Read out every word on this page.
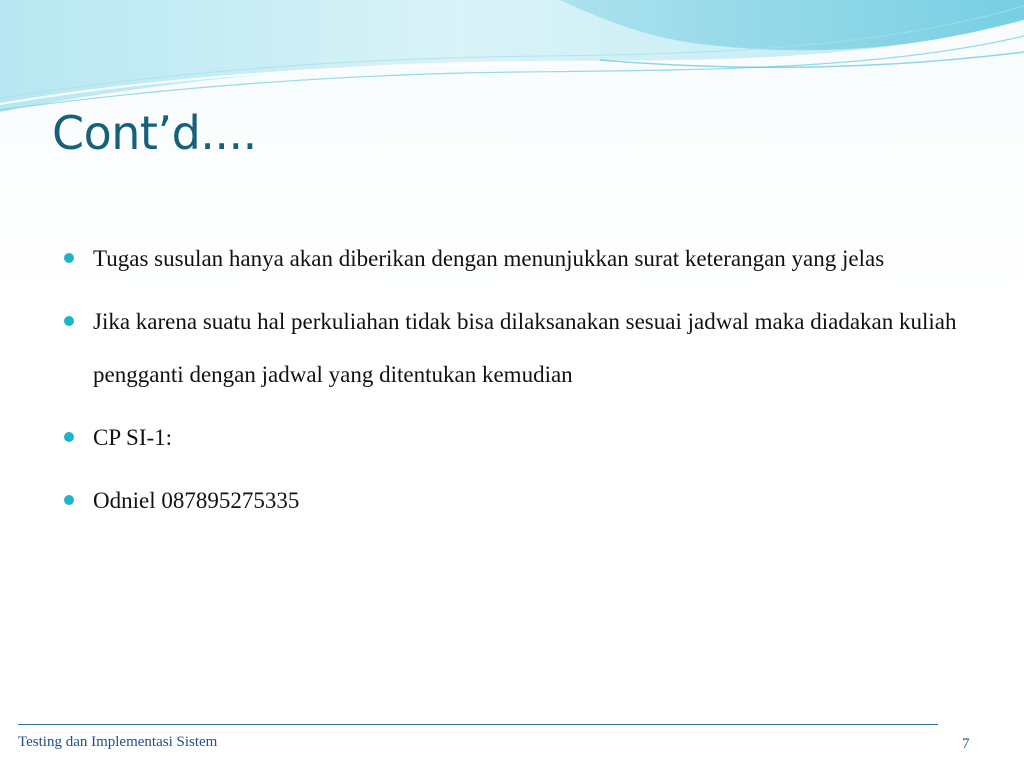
Cont’d....
Tugas susulan hanya akan diberikan dengan menunjukkan surat keterangan yang jelas
Jika karena suatu hal perkuliahan tidak bisa dilaksanakan sesuai jadwal maka diadakan kuliah pengganti dengan jadwal yang ditentukan kemudian
CP SI-1:
Odniel 087895275335
Testing dan Implementasi Sistem	7
